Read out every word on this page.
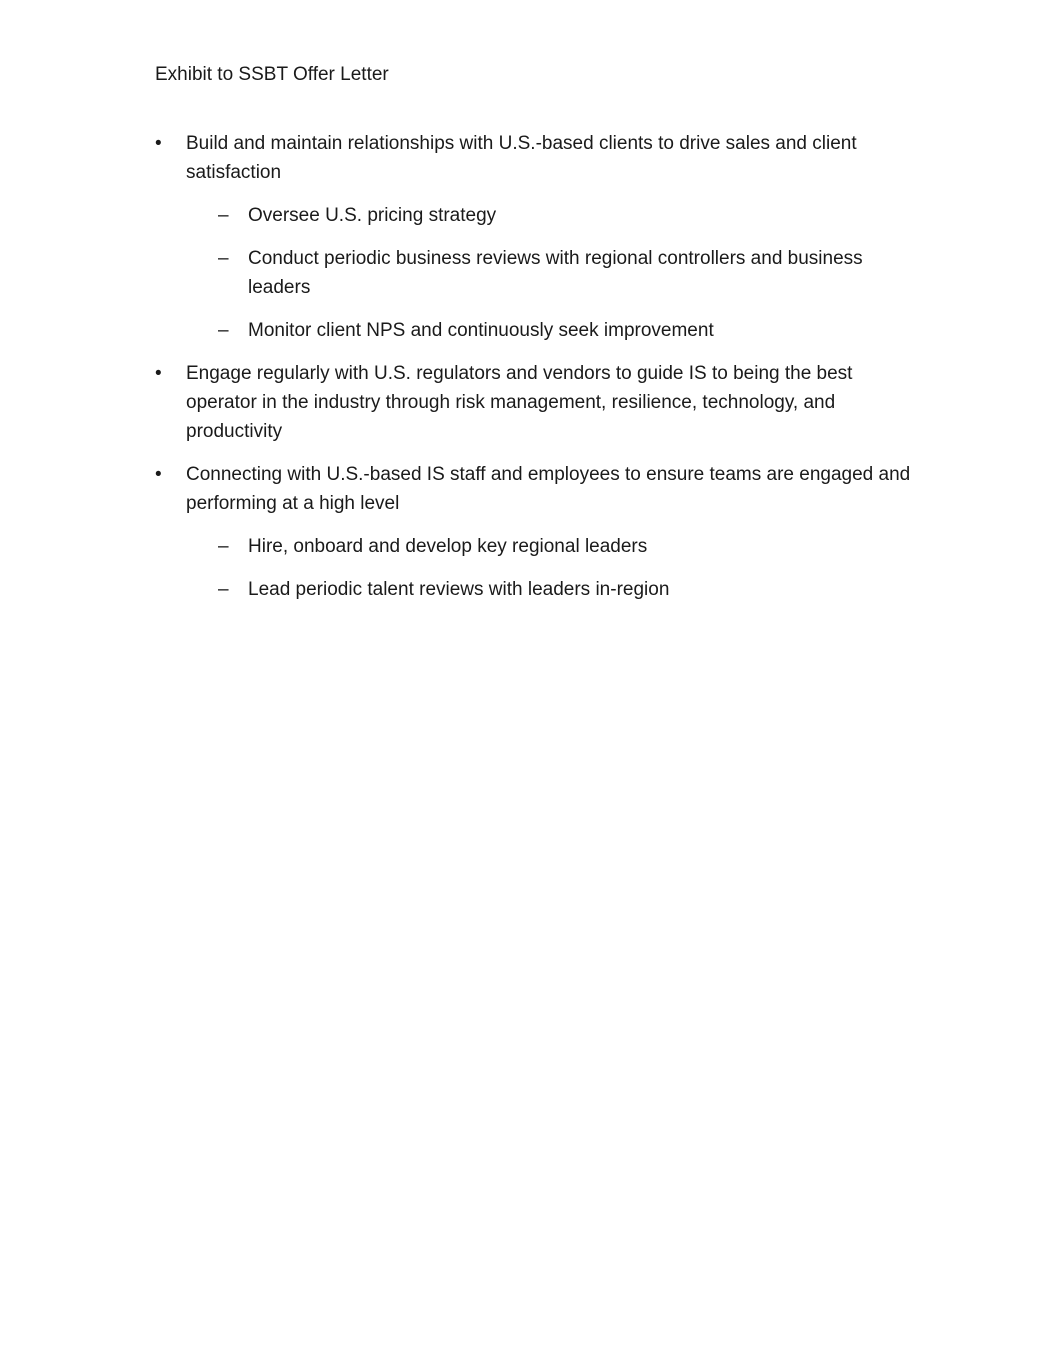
Exhibit to SSBT Offer Letter
• Build and maintain relationships with U.S.-based clients to drive sales and client satisfaction
– Oversee U.S. pricing strategy
– Conduct periodic business reviews with regional controllers and business leaders
– Monitor client NPS and continuously seek improvement
• Engage regularly with U.S. regulators and vendors to guide IS to being the best operator in the industry through risk management, resilience, technology, and productivity
• Connecting with U.S.-based IS staff and employees to ensure teams are engaged and performing at a high level
– Hire, onboard and develop key regional leaders
– Lead periodic talent reviews with leaders in-region
